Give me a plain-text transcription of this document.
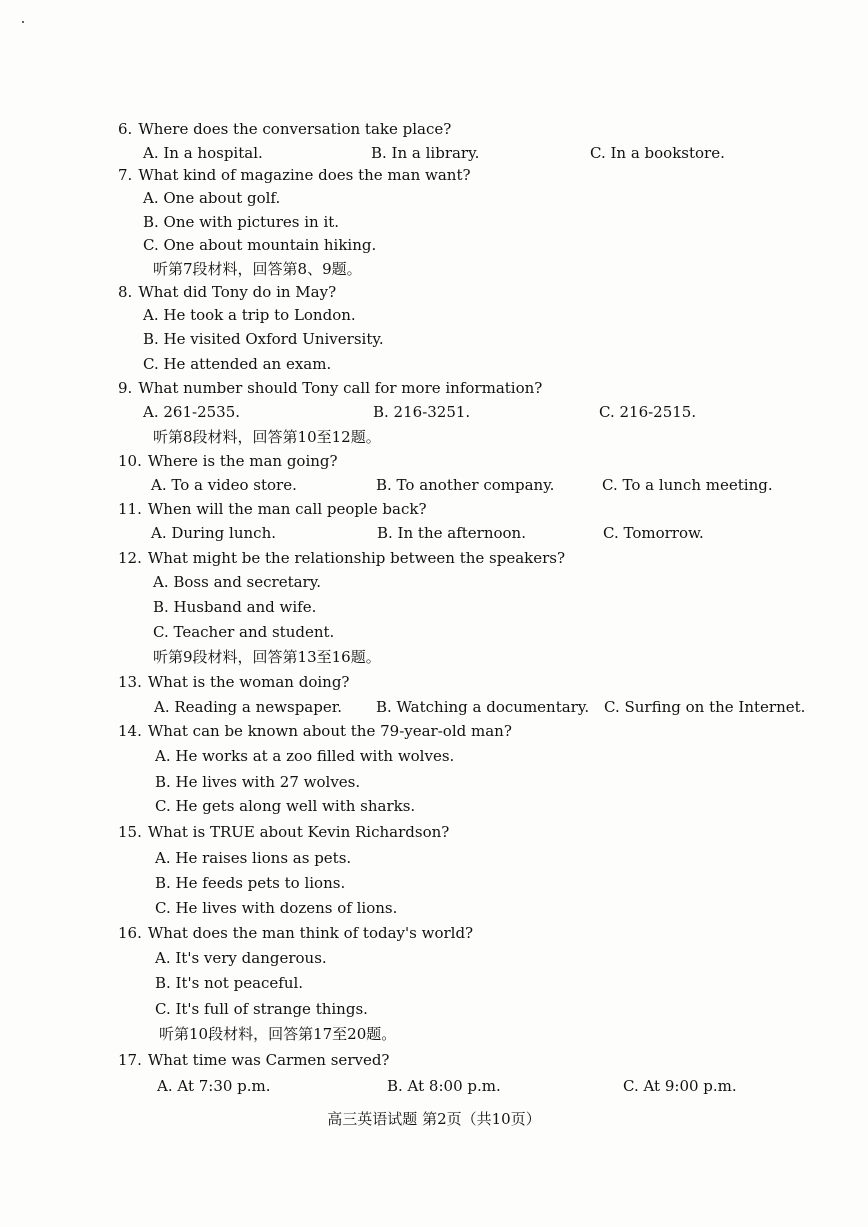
6. Where does the conversation take place?
A. In a hospital.	B. In a library.	C. In a bookstore.
7. What kind of magazine does the man want?
A. One about golf.
B. One with pictures in it.
C. One about mountain hiking.
听第7段材料，回答第8、9题。
8. What did Tony do in May?
A. He took a trip to London.
B. He visited Oxford University.
C. He attended an exam.
9. What number should Tony call for more information?
A. 261-2535.	B. 216-3251.	C. 216-2515.
听第8段材料，回答第10至12题。
10. Where is the man going?
A. To a video store.	B. To another company.	C. To a lunch meeting.
11. When will the man call people back?
A. During lunch.	B. In the afternoon.	C. Tomorrow.
12. What might be the relationship between the speakers?
A. Boss and secretary.
B. Husband and wife.
C. Teacher and student.
听第9段材料，回答第13至16题。
13. What is the woman doing?
A. Reading a newspaper. B. Watching a documentary. C. Surfing on the Internet.
14. What can be known about the 79-year-old man?
A. He works at a zoo filled with wolves.
B. He lives with 27 wolves.
C. He gets along well with sharks.
15. What is TRUE about Kevin Richardson?
A. He raises lions as pets.
B. He feeds pets to lions.
C. He lives with dozens of lions.
16. What does the man think of today's world?
A. It's very dangerous.
B. It's not peaceful.
C. It's full of strange things.
听第10段材料，回答第17至20题。
17. What time was Carmen served?
A. At 7:30 p.m.	B. At 8:00 p.m.	C. At 9:00 p.m.
高三英语试题 第2页（共10页）
